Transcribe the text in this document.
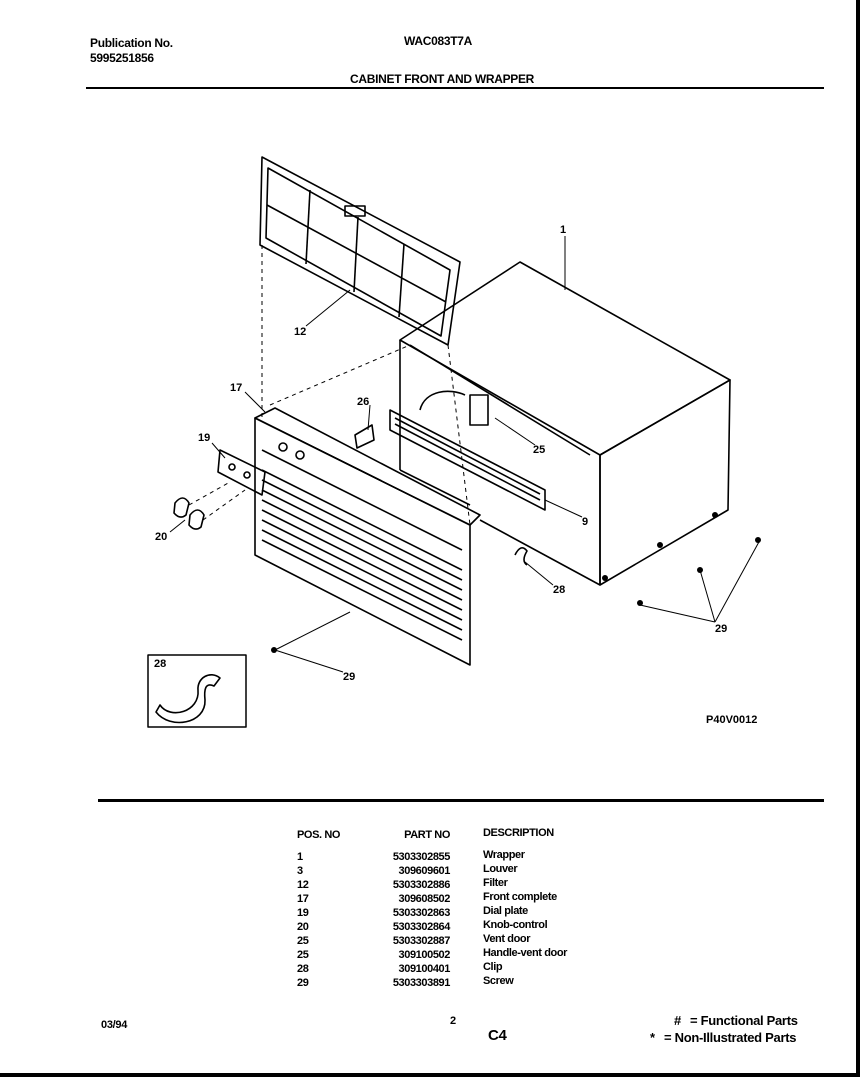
Publication No.
5995251856
WAC083T7A
CABINET FRONT AND WRAPPER
1
12
17
19
20
26
25
9
28
29
29
28
P40V0012
POS. NO
1
3
12
17
19
20
25
25
28
29
PART NO
5303302855
309609601
5303302886
309608502
5303302863
5303302864
5303302887
309100502
309100401
5303303891
DESCRIPTION
Wrapper
Louver
Filter
Front complete
Dial plate
Knob-control
Vent door
Handle-vent door
Clip
Screw
03/94	2
C4
# = Functional Parts
* = Non-Illustrated Parts
